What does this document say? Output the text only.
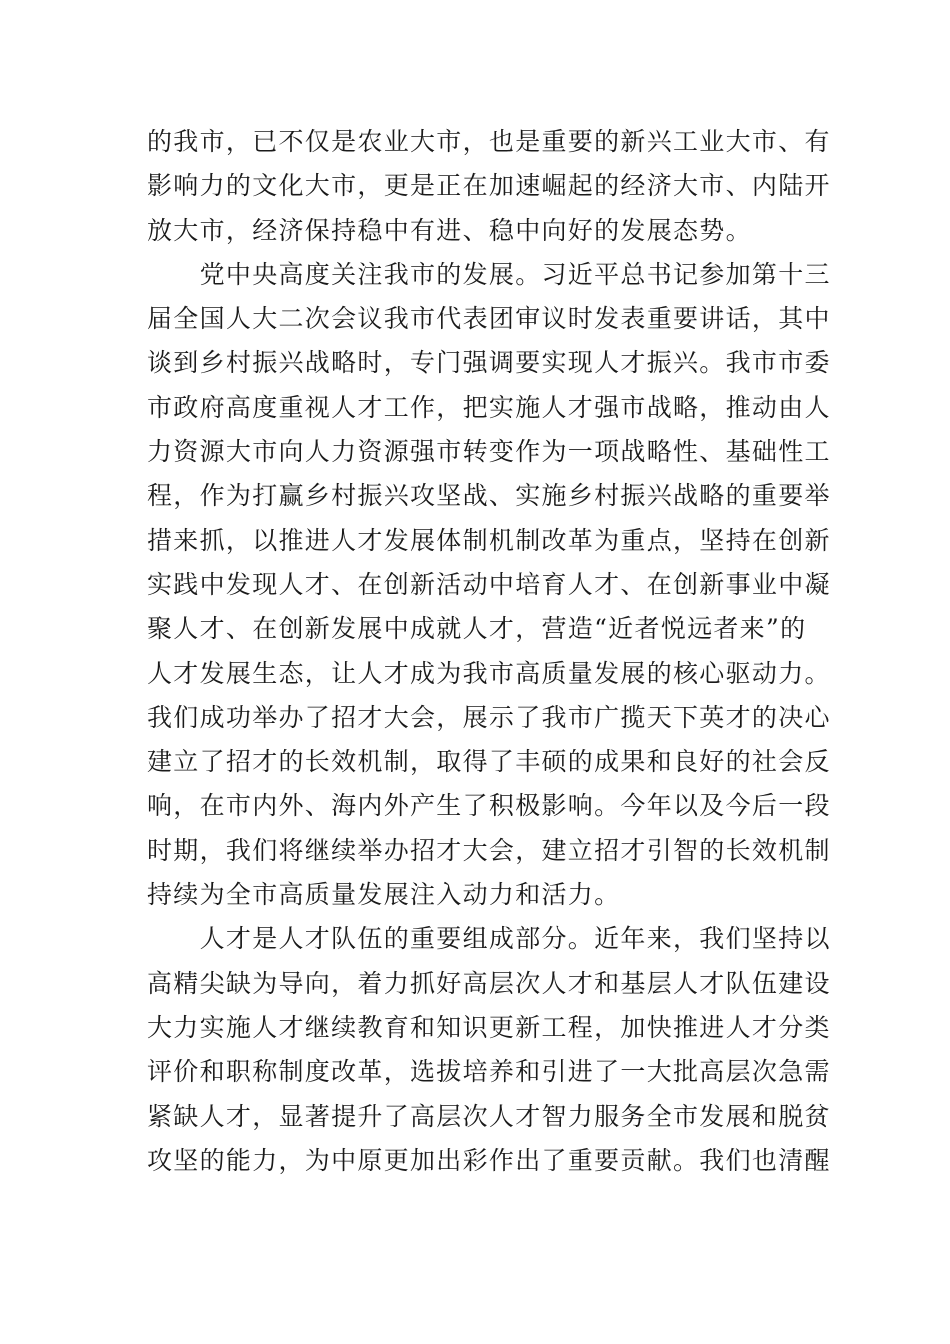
的我市，已不仅是农业大市，也是重要的新兴工业大市、有
影响力的文化大市，更是正在加速崛起的经济大市、内陆开
放大市，经济保持稳中有进、稳中向好的发展态势。
　　党中央高度关注我市的发展。习近平总书记参加第十三
届全国人大二次会议我市代表团审议时发表重要讲话，其中
谈到乡村振兴战略时，专门强调要实现人才振兴。我市市委
市政府高度重视人才工作，把实施人才强市战略，推动由人
力资源大市向人力资源强市转变作为一项战略性、基础性工
程，作为打赢乡村振兴攻坚战、实施乡村振兴战略的重要举
措来抓，以推进人才发展体制机制改革为重点，坚持在创新
实践中发现人才、在创新活动中培育人才、在创新事业中凝
聚人才、在创新发展中成就人才，营造“近者悦远者来”的
人才发展生态，让人才成为我市高质量发展的核心驱动力。
我们成功举办了招才大会，展示了我市广揽天下英才的决心
建立了招才的长效机制，取得了丰硕的成果和良好的社会反
响，在市内外、海内外产生了积极影响。今年以及今后一段
时期，我们将继续举办招才大会，建立招才引智的长效机制
持续为全市高质量发展注入动力和活力。
　　人才是人才队伍的重要组成部分。近年来，我们坚持以
高精尖缺为导向，着力抓好高层次人才和基层人才队伍建设
大力实施人才继续教育和知识更新工程，加快推进人才分类
评价和职称制度改革，选拔培养和引进了一大批高层次急需
紧缺人才，显著提升了高层次人才智力服务全市发展和脱贫
攻坚的能力，为中原更加出彩作出了重要贡献。我们也清醒
